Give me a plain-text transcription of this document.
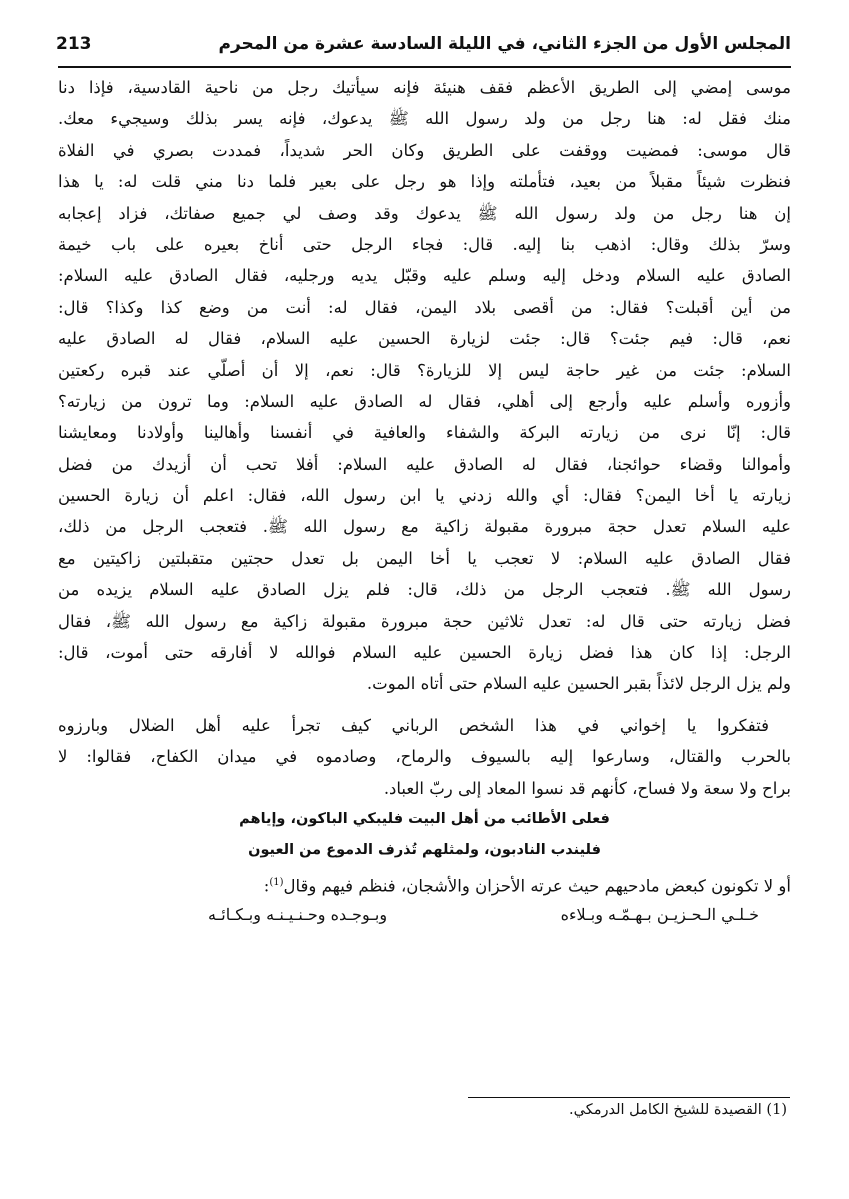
المجلس الأول من الجزء الثاني، في الليلة السادسة عشرة من المحرم
213
موسى إمضي إلى الطريق الأعظم فقف هنيئة فإنه سيأتيك رجل من ناحية القادسية، فإذا دنا
منك فقل له: هنا رجل من ولد رسول الله ﷺ يدعوك، فإنه يسر بذلك وسيجيء معك.
قال موسى: فمضيت ووقفت على الطريق وكان الحر شديداً، فمددت بصري في الفلاة
فنظرت شيئاً مقبلاً من بعيد، فتأملته وإذا هو رجل على بعير فلما دنا مني قلت له: يا هذا
إن هنا رجل من ولد رسول الله ﷺ يدعوك وقد وصف لي جميع صفاتك، فزاد إعجابه
وسرّ بذلك وقال: اذهب بنا إليه. قال: فجاء الرجل حتى أناخ بعيره على باب خيمة
الصادق عليه السلام ودخل إليه وسلم عليه وقبّل يديه ورجليه، فقال الصادق عليه السلام:
من أين أقبلت؟ فقال: من أقصى بلاد اليمن، فقال له: أنت من وضع كذا وكذا؟ قال:
نعم، قال: فيم جئت؟ قال: جئت لزيارة الحسين عليه السلام، فقال له الصادق عليه
السلام: جئت من غير حاجة ليس إلا للزيارة؟ قال: نعم، إلا أن أصلّي عند قبره ركعتين
وأزوره وأسلم عليه وأرجع إلى أهلي، فقال له الصادق عليه السلام: وما ترون من زيارته؟
قال: إنّا نرى من زيارته البركة والشفاء والعافية في أنفسنا وأهالينا وأولادنا ومعايشنا
وأموالنا وقضاء حوائجنا، فقال له الصادق عليه السلام: أفلا تحب أن أزيدك من فضل
زيارته يا أخا اليمن؟ فقال: أي والله زدني يا ابن رسول الله، فقال: اعلم أن زيارة الحسين
عليه السلام تعدل حجة مبرورة مقبولة زاكية مع رسول الله ﷺ. فتعجب الرجل من ذلك،
فقال الصادق عليه السلام: لا تعجب يا أخا اليمن بل تعدل حجتين متقبلتين زاكيتين مع
رسول الله ﷺ. فتعجب الرجل من ذلك، قال: فلم يزل الصادق عليه السلام يزيده من
فضل زيارته حتى قال له: تعدل ثلاثين حجة مبرورة مقبولة زاكية مع رسول الله ﷺ، فقال
الرجل: إذا كان هذا فضل زيارة الحسين عليه السلام فوالله لا أفارقه حتى أموت، قال:
ولم يزل الرجل لائذاً بقبر الحسين عليه السلام حتى أتاه الموت.
فتفكروا يا إخواني في هذا الشخص الرباني كيف تجرأ عليه أهل الضلال وبارزوه
بالحرب والقتال، وسارعوا إليه بالسيوف والرماح، وصادموه في ميدان الكفاح، فقالوا: لا
براح ولا سعة ولا فساح، كأنهم قد نسوا المعاد إلى ربّ العباد.
فعلى الأطائب من أهل البيت فليبكي الباكون، وإياهم
فليندب النادبون، ولمثلهم تُذرف الدموع من العيون
أو لا تكونون كبعض مادحيهم حيث عرته الأحزان والأشجان، فنظم فيهم وقال$^{(1)}$:
خـلـي الـحـزيـن بـهـمّـه وبـلاءه
وبـوجـده وحـنـيـنـه وبـكـائـه
(1) القصيدة للشيخ الكامل الدرمكي.
